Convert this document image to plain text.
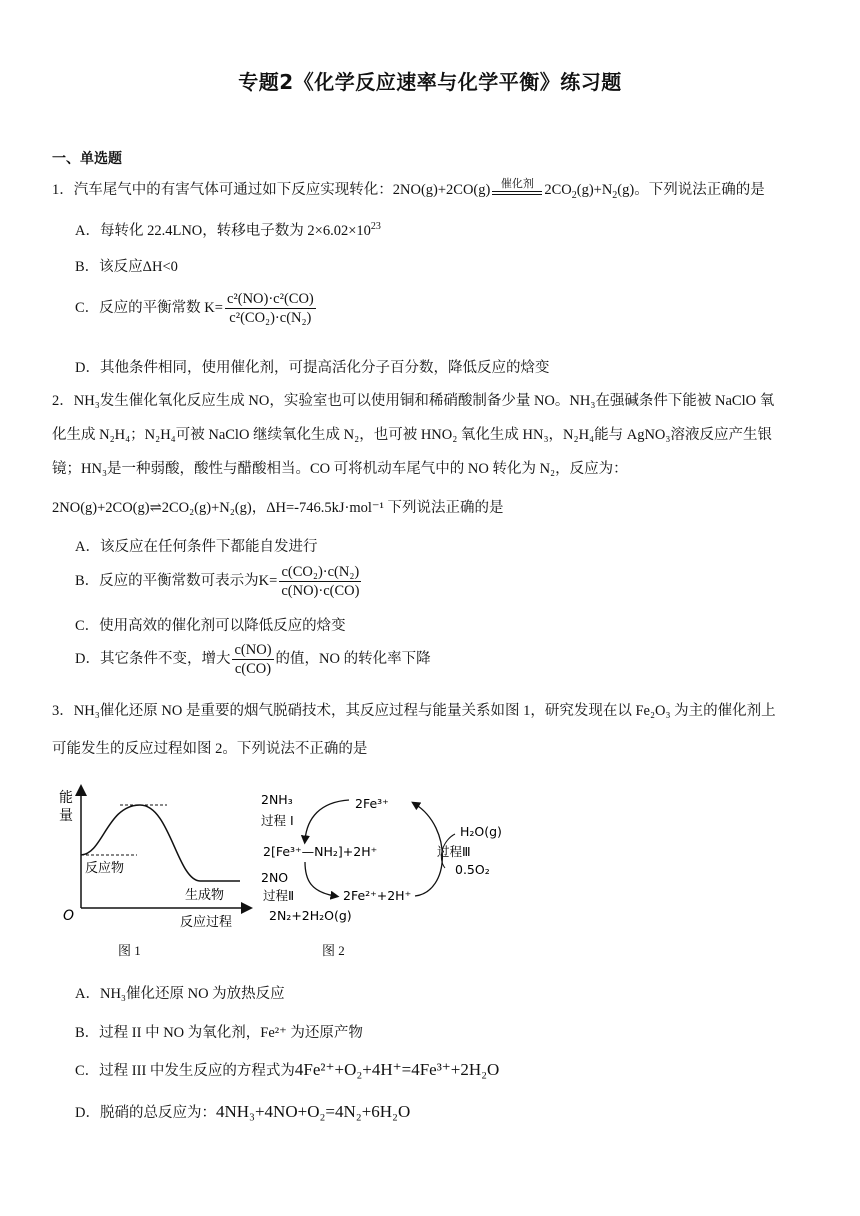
专题2《化学反应速率与化学平衡》练习题
一、单选题
1．汽车尾气中的有害气体可通过如下反应实现转化：2NO(g)+2CO(g) 催化剂 $2CO_2(g)+N_2(g)$。下列说法正确的是
A．每转化 22.4LNO，转移电子数为 $2\times 6.02\times 10^{23}$
B．该反应ΔH<0
C．反应的平衡常数 $K= \frac{\text{c²(NO)·c²(CO)}}{\text{c²(CO₂)·c(N₂)}}$
D．其他条件相同，使用催化剂，可提高活化分子百分数，降低反应的焓变
2．NH₃发生催化氧化反应生成 NO，实验室也可以使用铜和稀硝酸制备少量 NO。NH₃在强碱条件下能被 NaClO 氧
化生成 N₂H₄；N₂H₄可被 NaClO 继续氧化生成 N₂，也可被 HNO₂ 氧化生成 HN₃，N₂H₄能与 AgNO₃溶液反应产生银
镜；HN₃是一种弱酸，酸性与醋酸相当。CO 可将机动车尾气中的 NO 转化为 N₂，反应为：
2NO(g)+2CO(g)⇌2CO₂(g)+N₂(g)，ΔH=-746.5kJ·mol⁻¹ 下列说法正确的是
A．该反应在任何条件下都能自发进行
B．反应的平衡常数可表示为$K= \frac{\text{c(CO₂)·c(N₂)}}{c(NO)\cdot c(CO)}$
C．使用高效的催化剂可以降低反应的焓变
D．其它条件不变，增大 $\frac{c(NO)}{c(CO)}$ 的值，NO 的转化率下降
3．NH₃催化还原 NO 是重要的烟气脱硝技术，其反应过程与能量关系如图 1，研究发现在以 Fe₂O₃ 为主的催化剂上
可能发生的反应过程如图 2。下列说法不正确的是
能
量
O
反应物
生成物
反应过程
图 1
2NH₃
过程 Ⅰ
2Fe³⁺
H₂O(g)
2[Fe³⁺—NH₂]+2H⁺	过程Ⅲ
2NO
0.5O₂
过程Ⅱ	2Fe²⁺+2H⁺
2N₂+2H₂O(g)
图 2
A．NH₃催化还原 NO 为放热反应
B．过程 II 中 NO 为氧化剂，Fe²⁺ 为还原产物
C．过程 III 中发生反应的方程式为4Fe²⁺+O₂+4H⁺=4Fe³⁺+2H₂O
D．脱硝的总反应为：4NH₃+4NO+O₂=4N₂+6H₂O
